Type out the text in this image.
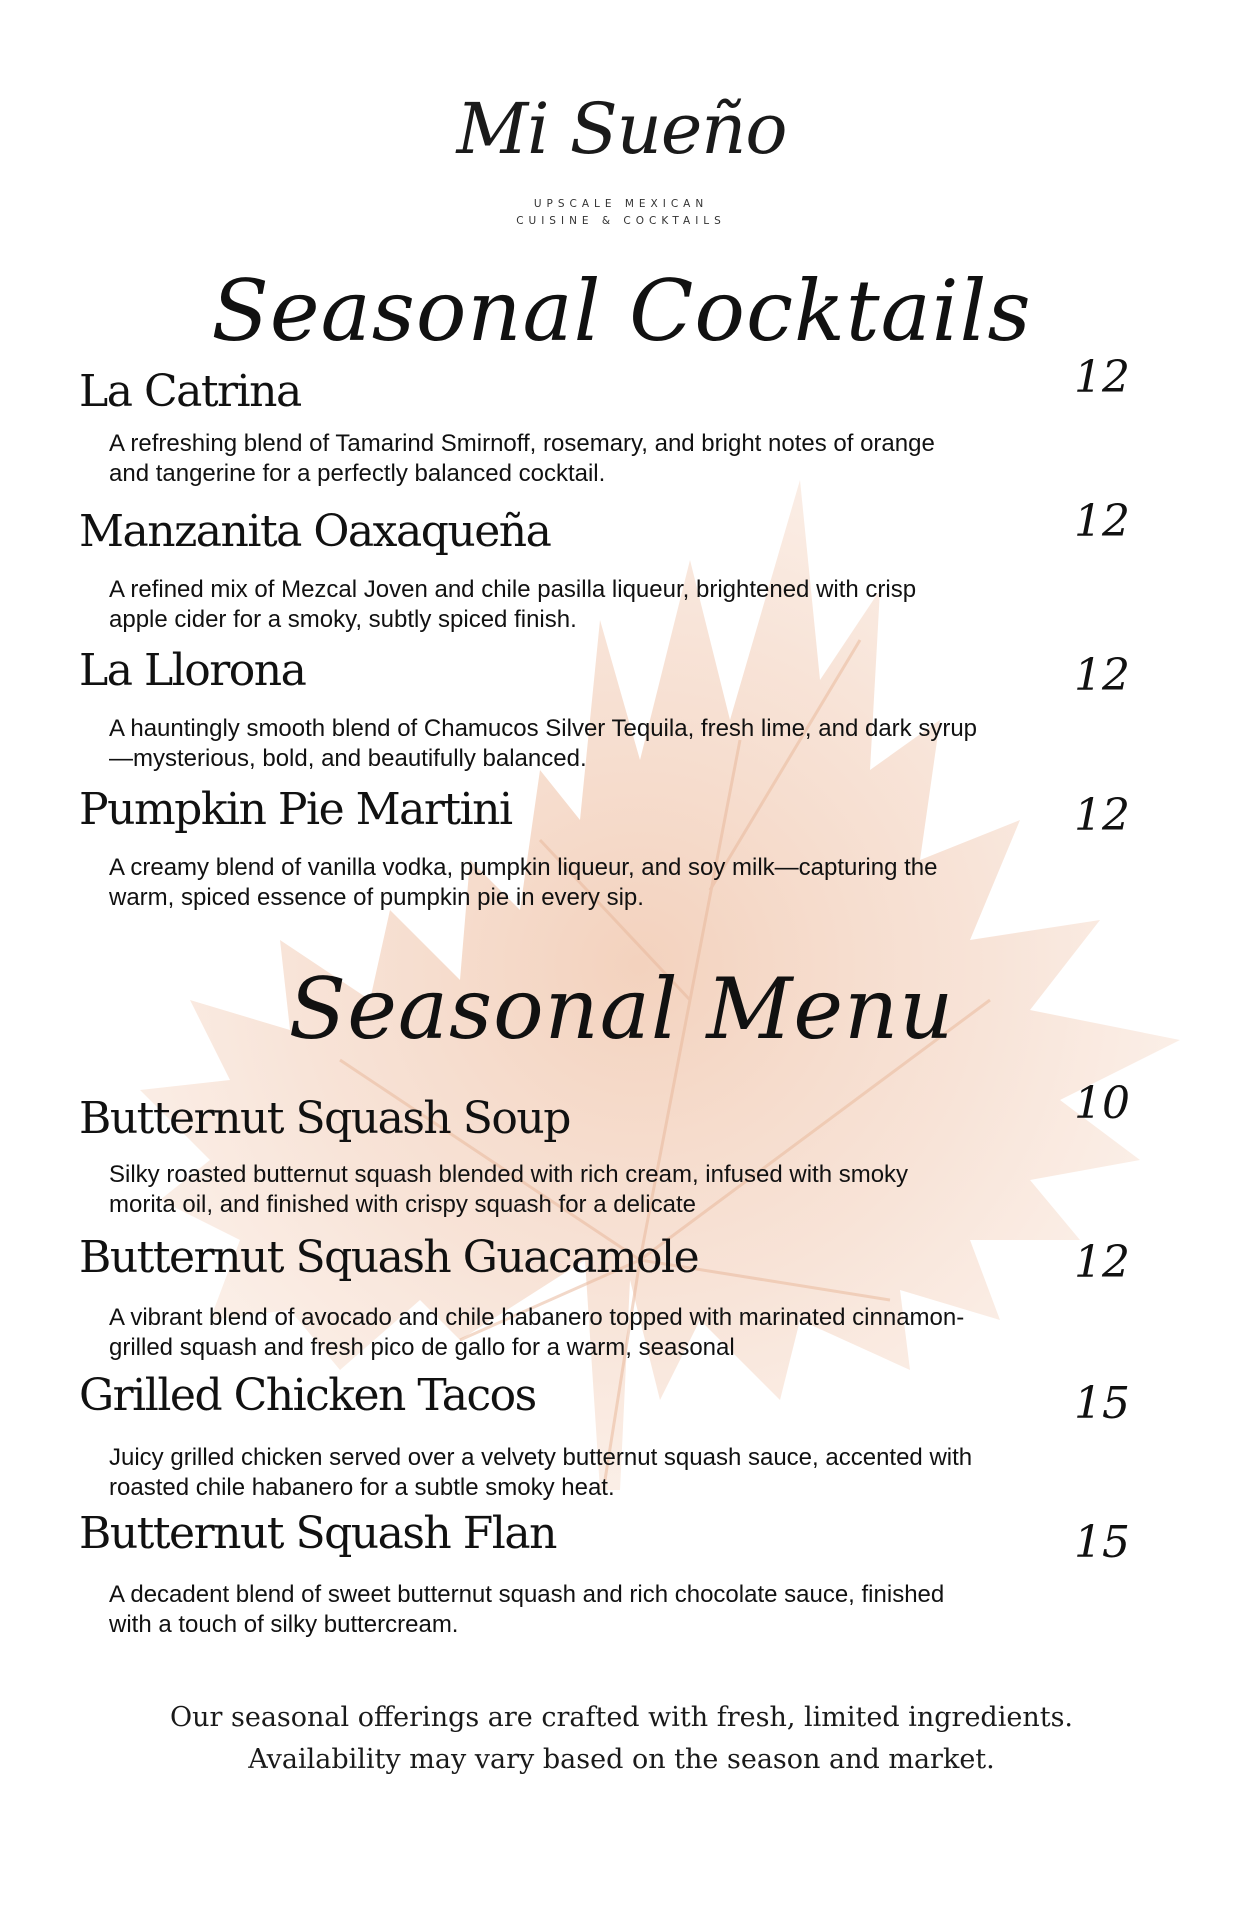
Mi Sueño
UPSCALE MEXICAN CUISINE & COCKTAILS
Seasonal Cocktails
La Catrina	12
A refreshing blend of Tamarind Smirnoff, rosemary, and bright notes of orange and tangerine for a perfectly balanced cocktail.
Manzanita Oaxaqueña	12
A refined mix of Mezcal Joven and chile pasilla liqueur, brightened with crisp apple cider for a smoky, subtly spiced finish.
La Llorona	12
A hauntingly smooth blend of Chamucos Silver Tequila, fresh lime, and dark syrup—mysterious, bold, and beautifully balanced.
Pumpkin Pie Martini	12
A creamy blend of vanilla vodka, pumpkin liqueur, and soy milk—capturing the warm, spiced essence of pumpkin pie in every sip.
Seasonal Menu
Butternut Squash Soup	10
Silky roasted butternut squash blended with rich cream, infused with smoky morita oil, and finished with crispy squash for a delicate
Butternut Squash Guacamole	12
A vibrant blend of avocado and chile habanero topped with marinated cinnamon-grilled squash and fresh pico de gallo for a warm, seasonal
Grilled Chicken Tacos	15
Juicy grilled chicken served over a velvety butternut squash sauce, accented with roasted chile habanero for a subtle smoky heat.
Butternut Squash Flan	15
A decadent blend of sweet butternut squash and rich chocolate sauce, finished with a touch of silky buttercream.
Our seasonal offerings are crafted with fresh, limited ingredients.
Availability may vary based on the season and market.
